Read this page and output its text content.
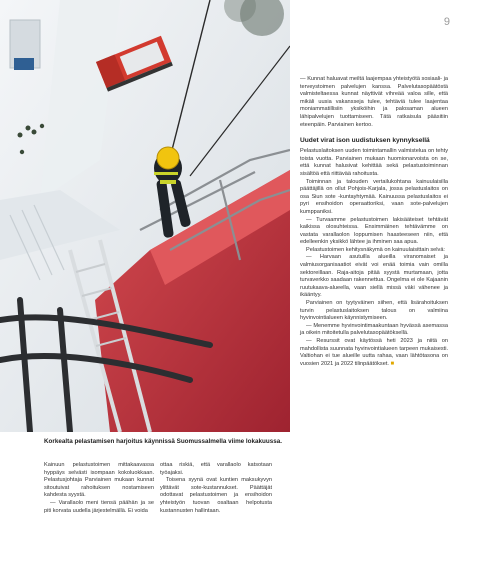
9
Korkealta pelastamisen harjoitus käynnissä Suomussalmella viime lokakuussa.

Kainuun pelastustoimen mittakaavassa hyppäys selvästi isompaan kokoluokkaan. Pelastusjohtaja Parviainen mukaan kunnat sitoutuivat rahoituksen nostamiseen kahdesta syystä.

— Varallaolo meni tiensä päähän ja se piti korvata uudella järjestelmällä. Ei voida

ottaa riskiä, että varallaolo katsotaan työajaksi.

Toisena syynä ovat kuntien maksukyvyn ylittävät sote-kustannukset. Päättäjät odottavat pelastustoimen ja ensihoidon yhteistyön tuovan osaltaan helpotusta kustannusten hallintaan.

— Kunnat haluavat meiltä laajempaa yhteistyötä sosiaali- ja terveystoimen palvelujen kanssa. Palvelutasopäätöstä valmisteltaessa kunnat näyttivät vihreää valoa sille, että mikäli uusia vakansseja tulee, tehtäviä tulee laajentaa moniammatillisiin yksiköihin ja palosaman alueen lähipalvelujen tuottamiseen. Tätä ratkaisula pääsitiin eteenpäin. Parviainen kertoo.

Uudet virat ison uudistuksen kynnyksellä

Pelastuslaitoksen uuden toimintamallin valmistelua on tehty toista vuotta. Parviainen mukaan huomionarvoista on se, että kunnat halusivat kehittää sekä pelastustoiminnan sisältöä että riittävää rahoitusta.

Toiminnan ja talouden vertailukohtana kainuulaisilla päättäjillä on ollut Pohjois-Karjala, jossa pelastuslaitos on osa Siun sote -kuntayhtymää. Kainuussa pelastuslaitos ei pyri ensihoidon operaattoriksi, vaan sote-palvelujen kumppaniksi.

— Turvaamme pelastustoimen lakisääteiset tehtävät kaikissa olosuhteissa. Ensimmäinen tehtävämme on vastata varallaolon loppumisen haasteeseen niin, että edelleenkin yksikkö lähtee ja ihminen saa apua.

Pelastustoimen kehitysnäkymä on kainuulaisittain selvä:

— Harvaan asutuilla alueilla viranomaiset ja valmiusorganisaatiot eivät voi enää toimia vain omilla sektoreillaan. Raja-aitoja pitää syystä murtamaan, jotta turvaverkko saadaan rakennettua. Ongelma ei ole Kajaanin ruutukaava-alueella, vaan siellä missä väki vähenee ja ikääntyy.

Parviainen on tyytyväinen siihen, että lisärahoituksen turvin pelastuslaitoksen talous on valmiina hyvinvointialueen käynnistymiseen.

— Menemme hyvinvointimaakuntaan hyvässä asemassa ja oikein mitoitetulla palvelutasopäätöksellä.

— Resurssit ovat käytössä heti 2023 ja niitä on mahdollista suunnata hyvinvointialueen tarpeen mukaisesti. Valtiohan ei tue alueille uutta rahaa, vaan lähtötasona on vuosien 2021 ja 2022 tilinpäätökset. ■
